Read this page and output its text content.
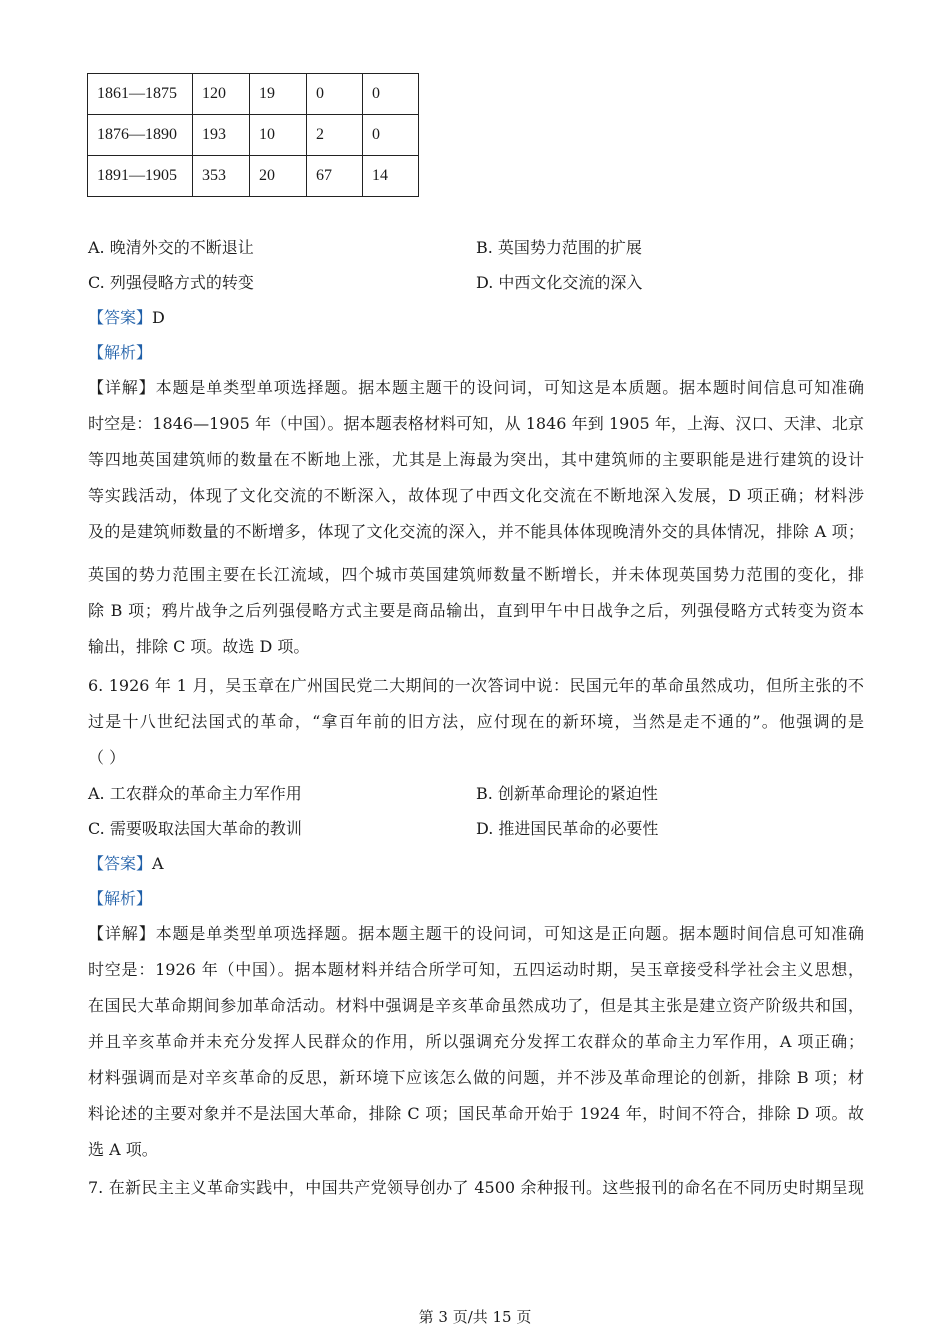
1861—1875	120	19	0	0
1876—1890	193	10	2	0
1891—1905	353	20	67	14
A. 晚清外交的不断退让	B. 英国势力范围的扩展
C. 列强侵略方式的转变	D. 中西文化交流的深入
【答案】D
【解析】
【详解】本题是单类型单项选择题。据本题主题干的设问词，可知这是本质题。据本题时间信息可知准确
时空是：1846—1905 年（中国）。据本题表格材料可知，从 1846 年到 1905 年，上海、汉口、天津、北京
等四地英国建筑师的数量在不断地上涨，尤其是上海最为突出，其中建筑师的主要职能是进行建筑的设计
等实践活动，体现了文化交流的不断深入，故体现了中西文化交流在不断地深入发展，D 项正确；材料涉
及的是建筑师数量的不断增多，体现了文化交流的深入，并不能具体体现晚清外交的具体情况，排除 A 项；
英国的势力范围主要在长江流域，四个城市英国建筑师数量不断增长，并未体现英国势力范围的变化，排
除 B 项；鸦片战争之后列强侵略方式主要是商品输出，直到甲午中日战争之后，列强侵略方式转变为资本
输出，排除 C 项。故选 D 项。
6. 1926 年 1 月，吴玉章在广州国民党二大期间的一次答词中说：民国元年的革命虽然成功，但所主张的不
过是十八世纪法国式的革命，“拿百年前的旧方法，应付现在的新环境，当然是走不通的”。他强调的是
（ ）
A. 工农群众的革命主力军作用	B. 创新革命理论的紧迫性
C. 需要吸取法国大革命的教训	D. 推进国民革命的必要性
【答案】A
【解析】
【详解】本题是单类型单项选择题。据本题主题干的设问词，可知这是正向题。据本题时间信息可知准确
时空是：1926 年（中国）。据本题材料并结合所学可知，五四运动时期，吴玉章接受科学社会主义思想，
在国民大革命期间参加革命活动。材料中强调是辛亥革命虽然成功了，但是其主张是建立资产阶级共和国，
并且辛亥革命并未充分发挥人民群众的作用，所以强调充分发挥工农群众的革命主力军作用，A 项正确；
材料强调而是对辛亥革命的反思，新环境下应该怎么做的问题，并不涉及革命理论的创新，排除 B 项；材
料论述的主要对象并不是法国大革命，排除 C 项；国民革命开始于 1924 年，时间不符合，排除 D 项。故
选 A 项。
7. 在新民主主义革命实践中，中国共产党领导创办了 4500 余种报刊。这些报刊的命名在不同历史时期呈现
第 3 页/共 15 页
